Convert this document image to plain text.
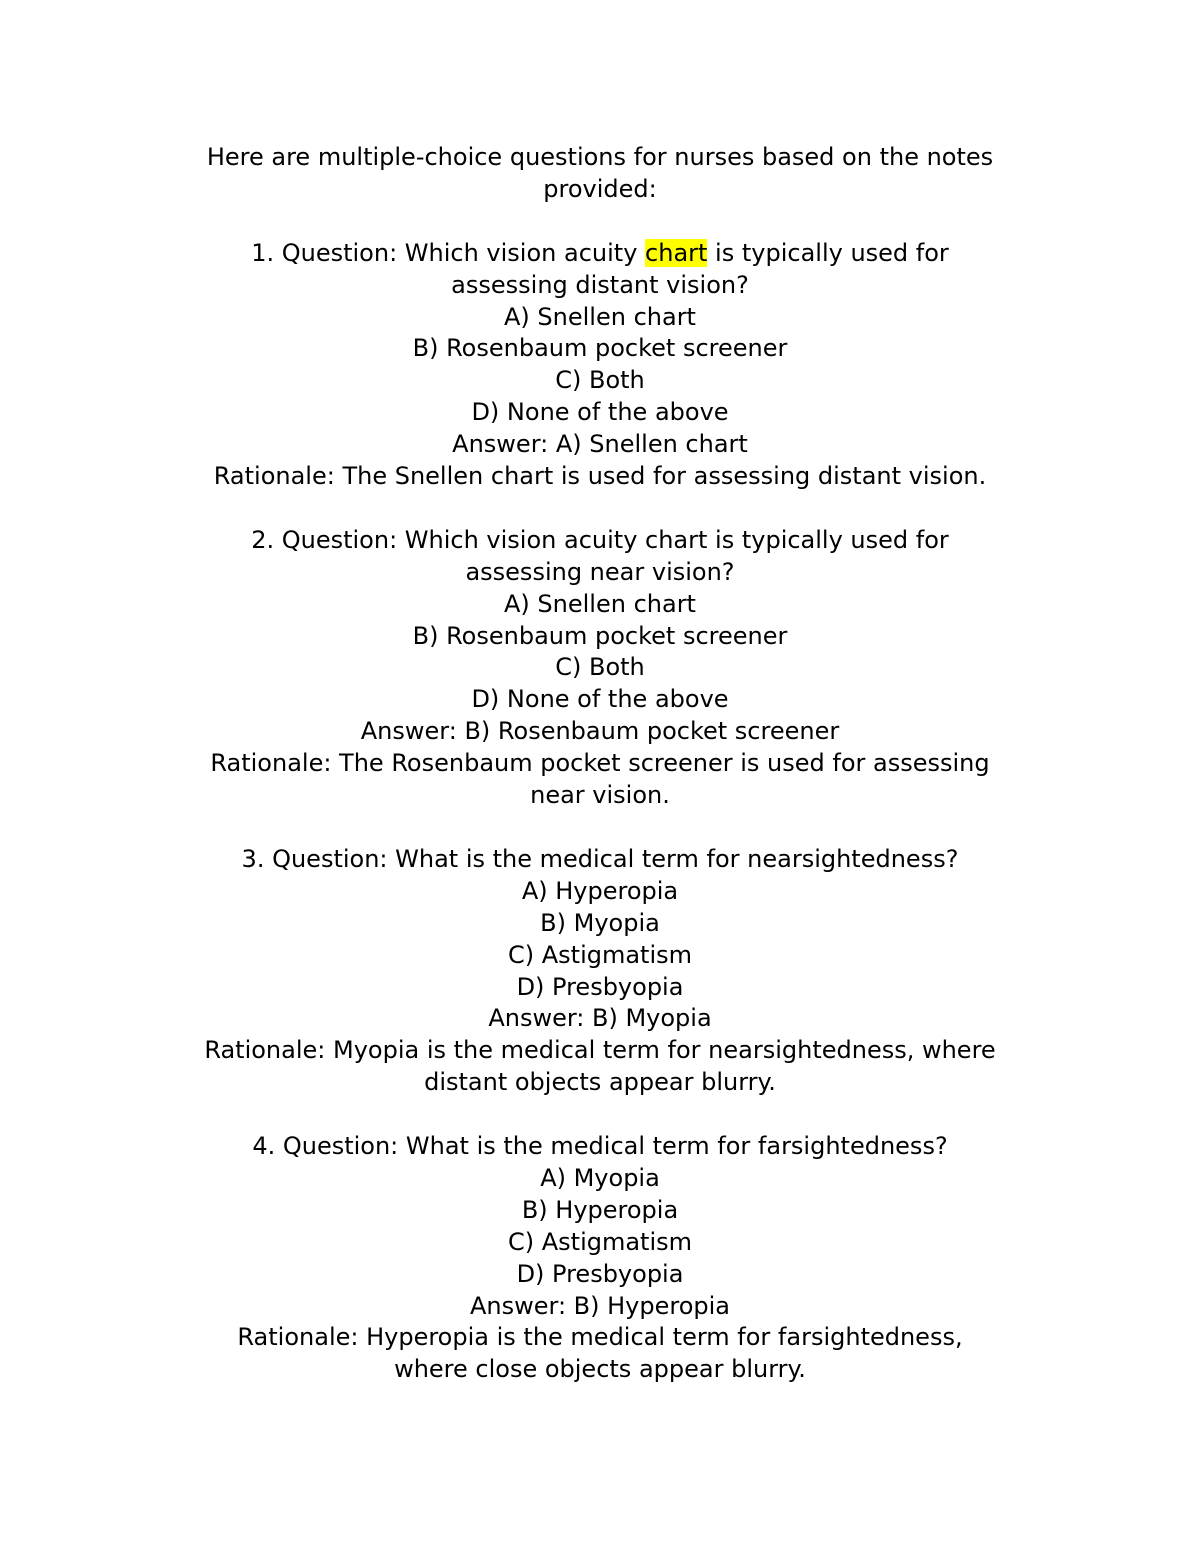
Here are multiple-choice questions for nurses based on the notes
provided:
1. Question: Which vision acuity chart is typically used for
assessing distant vision?
A) Snellen chart
B) Rosenbaum pocket screener
C) Both
D) None of the above
Answer: A) Snellen chart
Rationale: The Snellen chart is used for assessing distant vision.
2. Question: Which vision acuity chart is typically used for
assessing near vision?
A) Snellen chart
B) Rosenbaum pocket screener
C) Both
D) None of the above
Answer: B) Rosenbaum pocket screener
Rationale: The Rosenbaum pocket screener is used for assessing
near vision.
3. Question: What is the medical term for nearsightedness?
A) Hyperopia
B) Myopia
C) Astigmatism
D) Presbyopia
Answer: B) Myopia
Rationale: Myopia is the medical term for nearsightedness, where
distant objects appear blurry.
4. Question: What is the medical term for farsightedness?
A) Myopia
B) Hyperopia
C) Astigmatism
D) Presbyopia
Answer: B) Hyperopia
Rationale: Hyperopia is the medical term for farsightedness,
where close objects appear blurry.
